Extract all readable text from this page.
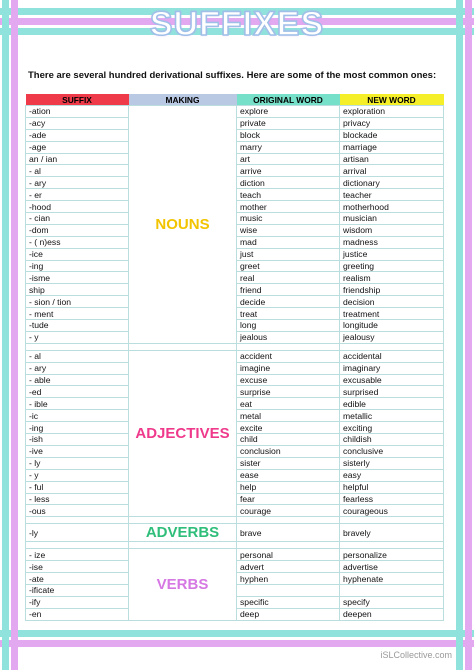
SUFFIXES
There are several hundred derivational suffixes. Here are some of the most common ones:
SUFFIX	MAKING	ORIGINAL WORD	NEW WORD
-ation	NOUNS	explore	exploration
-acy		private	privacy
-ade		block	blockade
-age		marry	marriage
an / ian		art	artisan
- al		arrive	arrival
- ary		diction	dictionary
- er		teach	teacher
-hood		mother	motherhood
- cian		music	musician
-dom		wise	wisdom
- ( n)ess		mad	madness
-ice		just	justice
-ing		greet	greeting
-isme		real	realism
ship		friend	friendship
- sion / tion		decide	decision
- ment		treat	treatment
-tude		long	longitude
- y		jealous	jealousy

- al	ADJECTIVES	accident	accidental
- ary		imagine	imaginary
- able		excuse	excusable
-ed		surprise	surprised
- ible		eat	edible
-ic		metal	metallic
-ing		excite	exciting
-ish		child	childish
-ive		conclusion	conclusive
- ly		sister	sisterly
- y		ease	easy
- ful		help	helpful
- less		fear	fearless
-ous		courage	courageous

-ly	ADVERBS	brave	bravely

- ize	VERBS	personal	personalize
-ise		advert	advertise
-ate		hyphen	hyphenate
-ificate			
-ify		specific	specify
-en		deep	deepen
iSLCollective.com
